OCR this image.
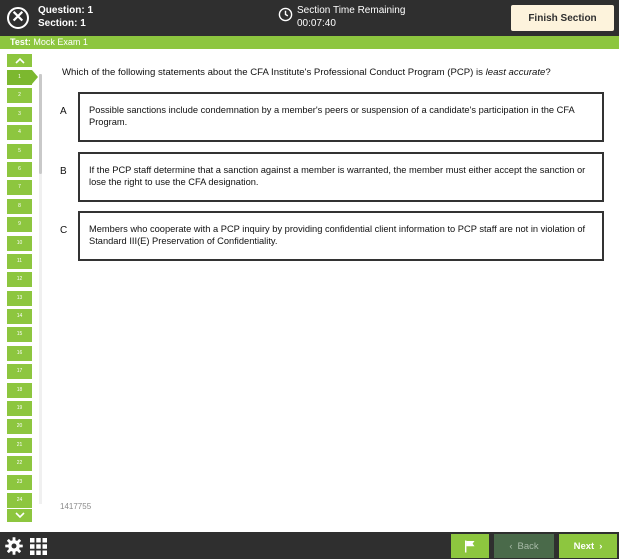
✕	Question: 1
Section: 1
Section Time Remaining
00:07:40	Finish Section
Test: Mock Exam 1
1
2
3
4
5
6
7
8
9
10
11
12
13
14
15
16
17
18
19
20
21
22
23
24
Which of the following statements about the CFA Institute's Professional Conduct Program (PCP) is least accurate?
A Possible sanctions include condemnation by a member's peers or suspension of a candidate's participation in the CFA Program.
B If the PCP staff determine that a sanction against a member is warranted, the member must either accept the sanction or lose the right to use the CFA designation.
C Members who cooperate with a PCP inquiry by providing confidential client information to PCP staff are not in violation of Standard III(E) Preservation of Confidentiality.
1417755
‹ Back	Next ›
